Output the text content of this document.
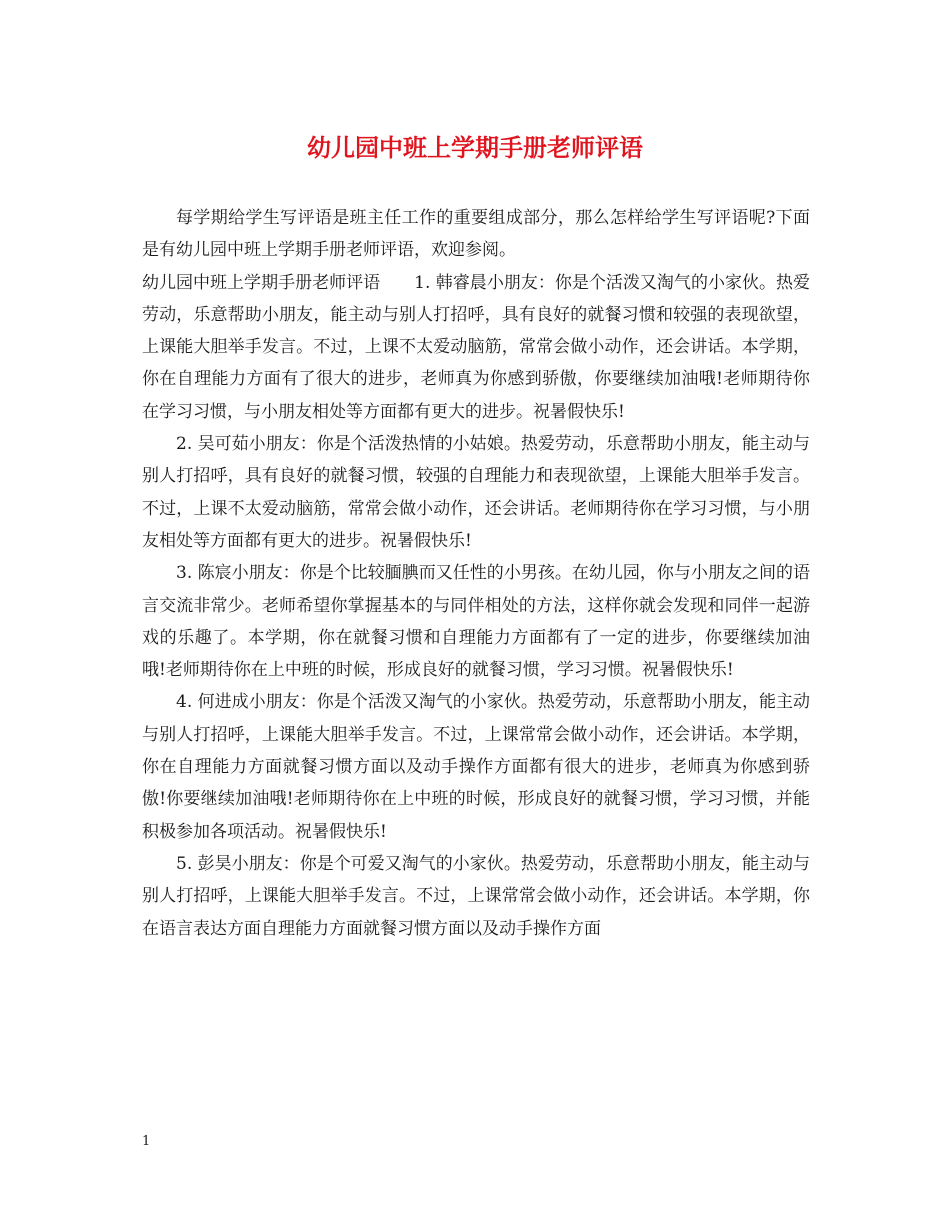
幼儿园中班上学期手册老师评语

每学期给学生写评语是班主任工作的重要组成部分，那么怎样给学生写评语呢?下面是有幼儿园中班上学期手册老师评语，欢迎参阅。

幼儿园中班上学期手册老师评语 1. 韩睿晨小朋友：你是个活泼又淘气的小家伙。热爱劳动，乐意帮助小朋友，能主动与别人打招呼，具有良好的就餐习惯和较强的表现欲望，上课能大胆举手发言。不过，上课不太爱动脑筋，常常会做小动作，还会讲话。本学期，你在自理能力方面有了很大的进步，老师真为你感到骄傲，你要继续加油哦!老师期待你在学习习惯，与小朋友相处等方面都有更大的进步。祝暑假快乐!

2. 吴可茹小朋友：你是个活泼热情的小姑娘。热爱劳动，乐意帮助小朋友，能主动与别人打招呼，具有良好的就餐习惯，较强的自理能力和表现欲望，上课能大胆举手发言。不过，上课不太爱动脑筋，常常会做小动作，还会讲话。老师期待你在学习习惯，与小朋友相处等方面都有更大的进步。祝暑假快乐!

3. 陈宸小朋友：你是个比较腼腆而又任性的小男孩。在幼儿园，你与小朋友之间的语言交流非常少。老师希望你掌握基本的与同伴相处的方法，这样你就会发现和同伴一起游戏的乐趣了。本学期，你在就餐习惯和自理能力方面都有了一定的进步，你要继续加油哦!老师期待你在上中班的时候，形成良好的就餐习惯，学习习惯。祝暑假快乐!

4. 何进成小朋友：你是个活泼又淘气的小家伙。热爱劳动，乐意帮助小朋友，能主动与别人打招呼，上课能大胆举手发言。不过，上课常常会做小动作，还会讲话。本学期，你在自理能力方面就餐习惯方面以及动手操作方面都有很大的进步，老师真为你感到骄傲!你要继续加油哦!老师期待你在上中班的时候，形成良好的就餐习惯，学习习惯，并能积极参加各项活动。祝暑假快乐!

5. 彭昊小朋友：你是个可爱又淘气的小家伙。热爱劳动，乐意帮助小朋友，能主动与别人打招呼，上课能大胆举手发言。不过，上课常常会做小动作，还会讲话。本学期，你在语言表达方面自理能力方面就餐习惯方面以及动手操作方面

1
